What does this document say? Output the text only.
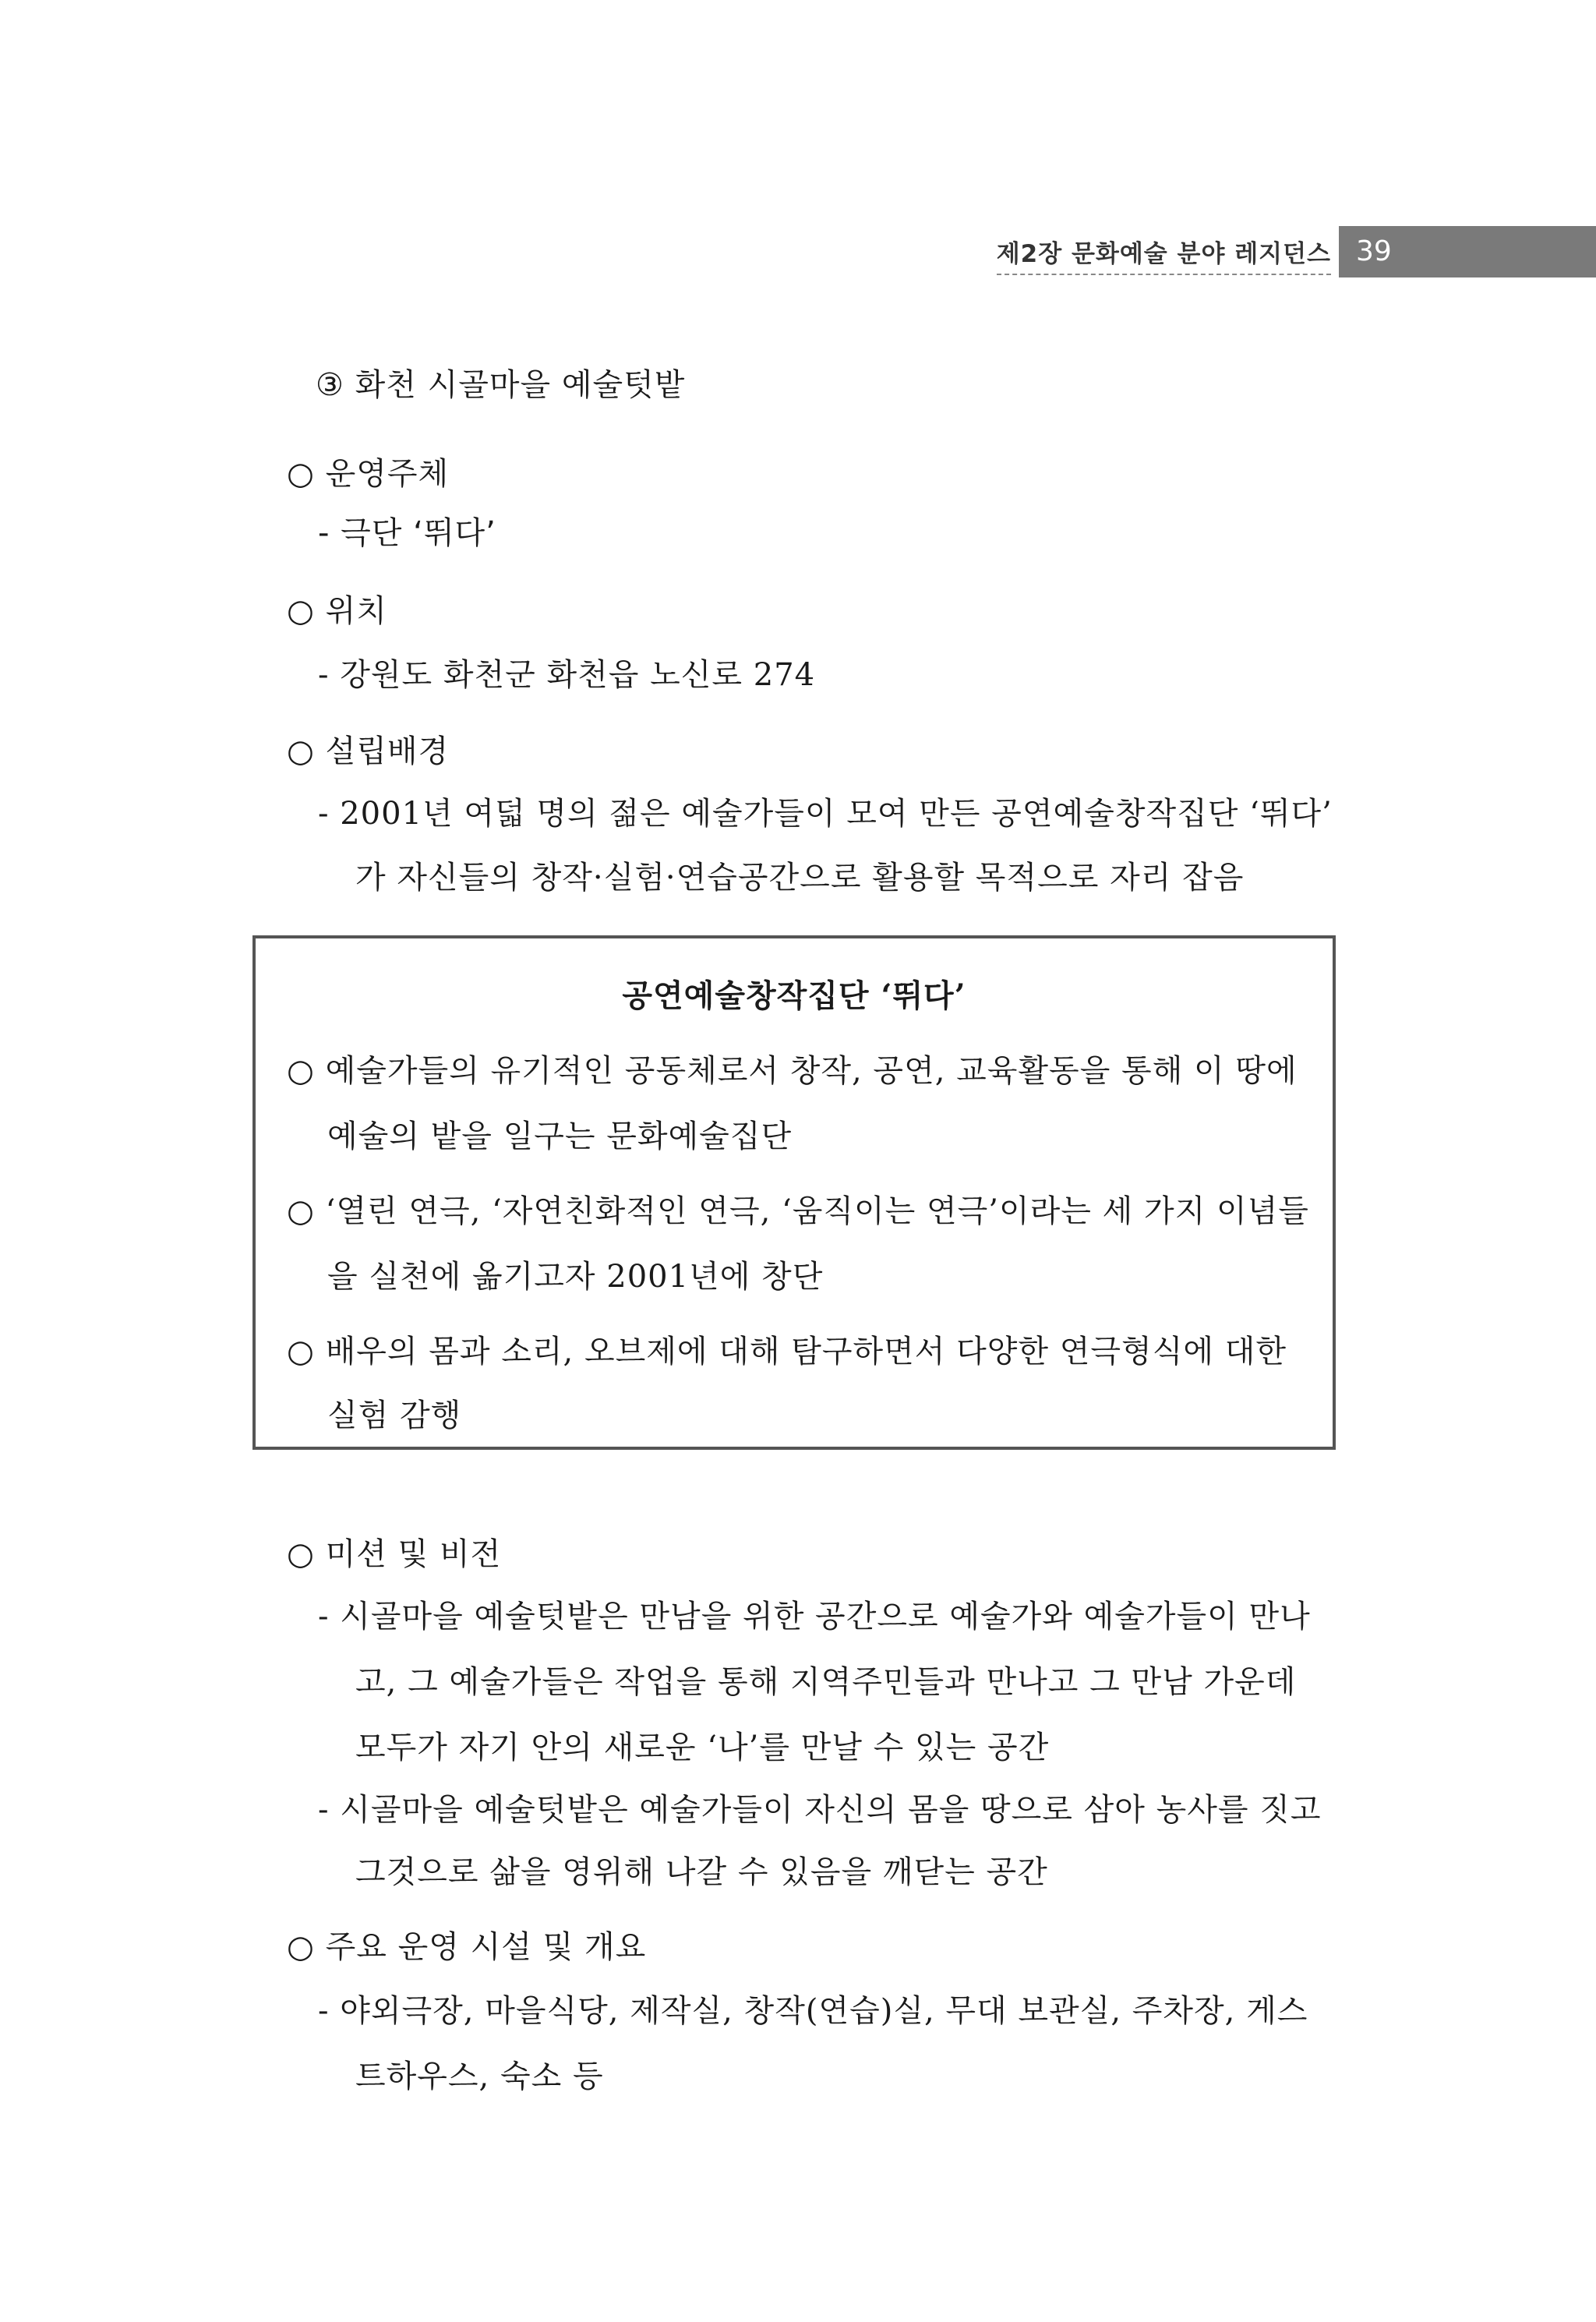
제2장 문화예술 분야 레지던스 39
③ 화천 시골마을 예술텃밭
○ 운영주체
- 극단 ‘뛰다’
○ 위치
- 강원도 화천군 화천읍 노신로 274
○ 설립배경
- 2001년 여덟 명의 젊은 예술가들이 모여 만든 공연예술창작집단 ‘뛰다’
가 자신들의 창작·실험·연습공간으로 활용할 목적으로 자리 잡음
공연예술창작집단 ‘뛰다’
○ 예술가들의 유기적인 공동체로서 창작, 공연, 교육활동을 통해 이 땅에
예술의 밭을 일구는 문화예술집단
○ ‘열린 연극, ‘자연친화적인 연극, ‘움직이는 연극’이라는 세 가지 이념들
을 실천에 옮기고자 2001년에 창단
○ 배우의 몸과 소리, 오브제에 대해 탐구하면서 다양한 연극형식에 대한
실험 감행
○ 미션 및 비전
- 시골마을 예술텃밭은 만남을 위한 공간으로 예술가와 예술가들이 만나
고, 그 예술가들은 작업을 통해 지역주민들과 만나고 그 만남 가운데
모두가 자기 안의 새로운 ‘나’를 만날 수 있는 공간
- 시골마을 예술텃밭은 예술가들이 자신의 몸을 땅으로 삼아 농사를 짓고
그것으로 삶을 영위해 나갈 수 있음을 깨닫는 공간
○ 주요 운영 시설 및 개요
- 야외극장, 마을식당, 제작실, 창작(연습)실, 무대 보관실, 주차장, 게스
트하우스, 숙소 등
